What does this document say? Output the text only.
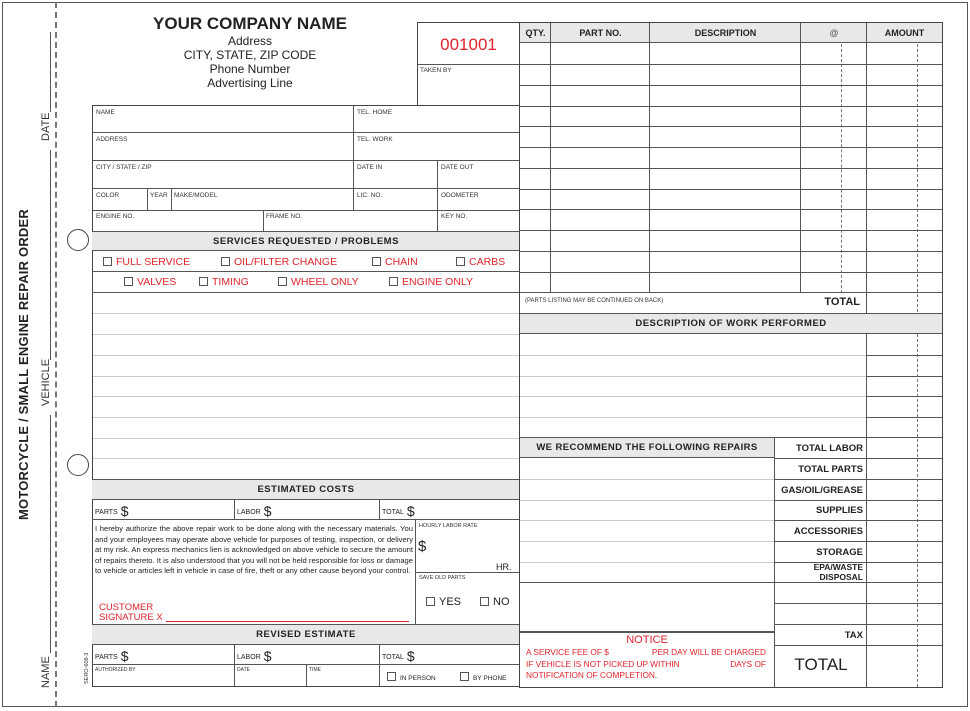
MOTORCYCLE / SMALL ENGINE REPAIR ORDER
DATE
VEHICLE
NAME	SERO-608-3
YOUR COMPANY NAME
Address
CITY, STATE, ZIP CODE
Phone Number
Advertising Line
001001
TAKEN BY
NAME	TEL. HOME
ADDRESS	TEL. WORK
CITY / STATE / ZIP	DATE IN	DATE OUT
COLOR	YEAR MAKE/MODEL	LIC. NO.	ODOMETER
ENGINE NO.	FRAME NO.	KEY NO.
SERVICES REQUESTED / PROBLEMS
FULL SERVICE	OIL/FILTER CHANGE	CHAIN	CARBS
VALVES	TIMING	WHEEL ONLY	ENGINE ONLY
ESTIMATED COSTS
PARTS $	LABOR $	TOTAL $
I hereby authorize the above repair work to be done along with the necessary materials. You and your employees may operate above vehicle for purposes of testing, inspection, or delivery at my risk. An express mechanics lien is acknowledged on above vehicle to secure the amount of repairs thereto. It is also understood that you will not be held responsible for loss or damage to vehicle or articles left in vehicle in case of fire, theft or any other cause beyond your control.
CUSTOMER
SIGNATURE X
HOURLY LABOR RATE
$
HR.
SAVE OLD PARTS
YES	NO
REVISED ESTIMATE
PARTS $	LABOR $	TOTAL $
AUTHORIZED BY	DATE	TIME
IN PERSON	BY PHONE
QTY.	PART NO.	DESCRIPTION	@	AMOUNT
(PARTS LISTING MAY BE CONTINUED ON BACK)	TOTAL
DESCRIPTION OF WORK PERFORMED
WE RECOMMEND THE FOLLOWING REPAIRS	TOTAL LABOR
TOTAL PARTS
GAS/OIL/GREASE
SUPPLIES
ACCESSORIES
STORAGE
EPA/WASTE DISPOSAL
TAX
TOTAL
NOTICE
A SERVICE FEE OF $	PER DAY WILL BE CHARGED
IF VEHICLE IS NOT PICKED UP WITHIN	DAYS OF
NOTIFICATION OF COMPLETION.
